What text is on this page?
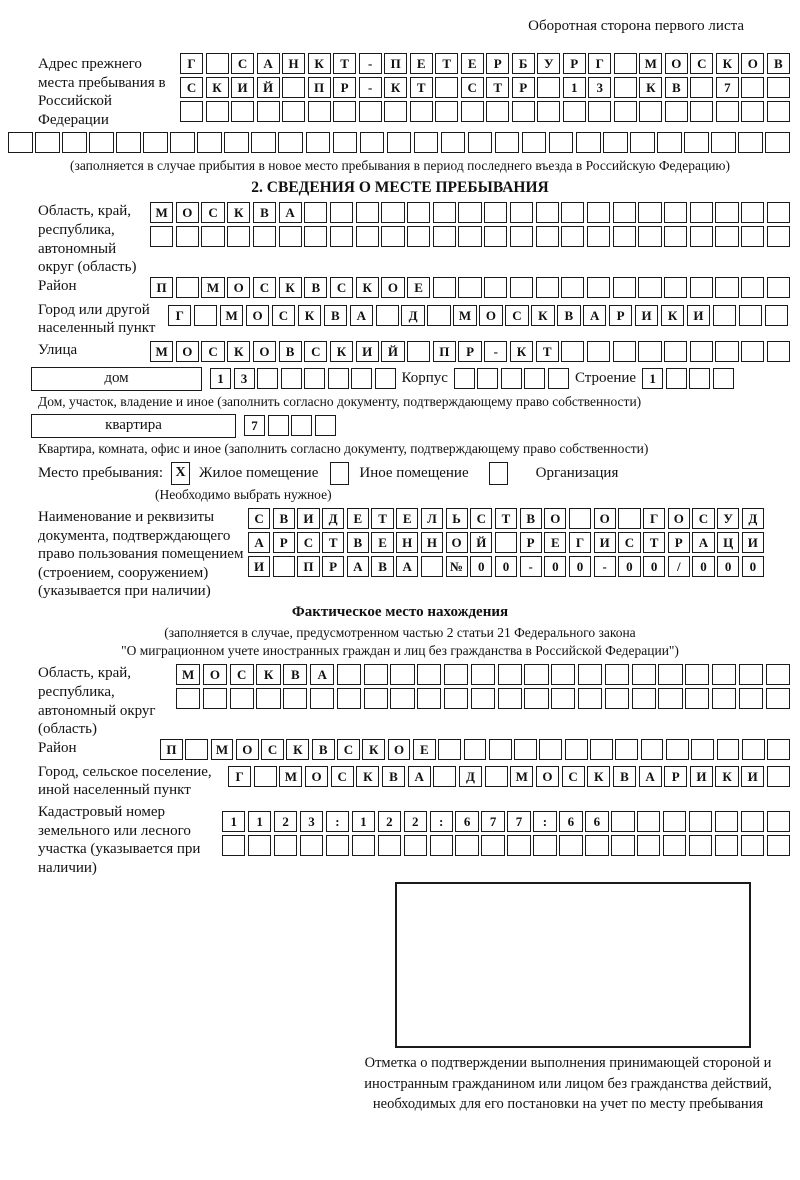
Оборотная сторона первого листа
Адрес прежнего места пребывания в Российской Федерации
Г	С	А	Н	К	Т	-	П	Е	Т	Е	Р	Б	У	Р	Г	М	О	С	К	О	В
С	К	И	Й	П	Р	-	К	Т	С	Т	Р	1	3	К	В	7
(заполняется в случае прибытия в новое место пребывания в период последнего въезда в Российскую Федерацию)
2. СВЕДЕНИЯ О МЕСТЕ ПРЕБЫВАНИЯ
Область, край, республика, автономный округ (область)
М	О	С	К	В	А
Район	П	М	О	С	К	В	С	К	О	Е
Город или другой населенный пункт
Г	М	О	С	К	В	А	Д	М	О	С	К	В	А	Р	И	К	И
Улица	М	О	С	К	О	В	С	К	И	Й	П	Р	-	К	Т
дом	1	3	Корпус	Строение	1
Дом, участок, владение и иное (заполнить согласно документу, подтверждающему право собственности)
квартира	7
Квартира, комната, офис и иное (заполнить согласно документу, подтверждающему право собственности)
Место пребывания: X Жилое помещение	Иное помещение	Организация
(Необходимо выбрать нужное)
Наименование и реквизиты документа, подтверждающего право пользования помещением (строением, сооружением) (указывается при наличии)
С	В	И	Д	Е	Т	Е	Л	Ь	С	Т	В	О	О	Г	О	С	У	Д
А	Р	С	Т	В	Е	Н	Н	О	Й	Р	Е	Г	И	С	Т	Р	А	Ц	И
И	П	Р	А	В	А	№	0	0	-	0	0	-	0	0	/	0	0	0
Фактическое место нахождения
(заполняется в случае, предусмотренном частью 2 статьи 21 Федерального закона
"О миграционном учете иностранных граждан и лиц без гражданства в Российской Федерации")
Область, край, республика, автономный округ (область)
М	О	С	К	В	А
Район	П	М	О	С	К	В	С	К	О	Е
Город, сельское поселение, иной населенный пункт
Г	М	О	С	К	В	А	Д	М	О	С	К	В	А	Р	И	К	И
Кадастровый номер земельного или лесного участка (указывается при наличии)
1	1	2	3	:	1	2	2	:	6	7	7	:	6	6
Отметка о подтверждении выполнения принимающей стороной и иностранным гражданином или лицом без гражданства действий, необходимых для его постановки на учет по месту пребывания
